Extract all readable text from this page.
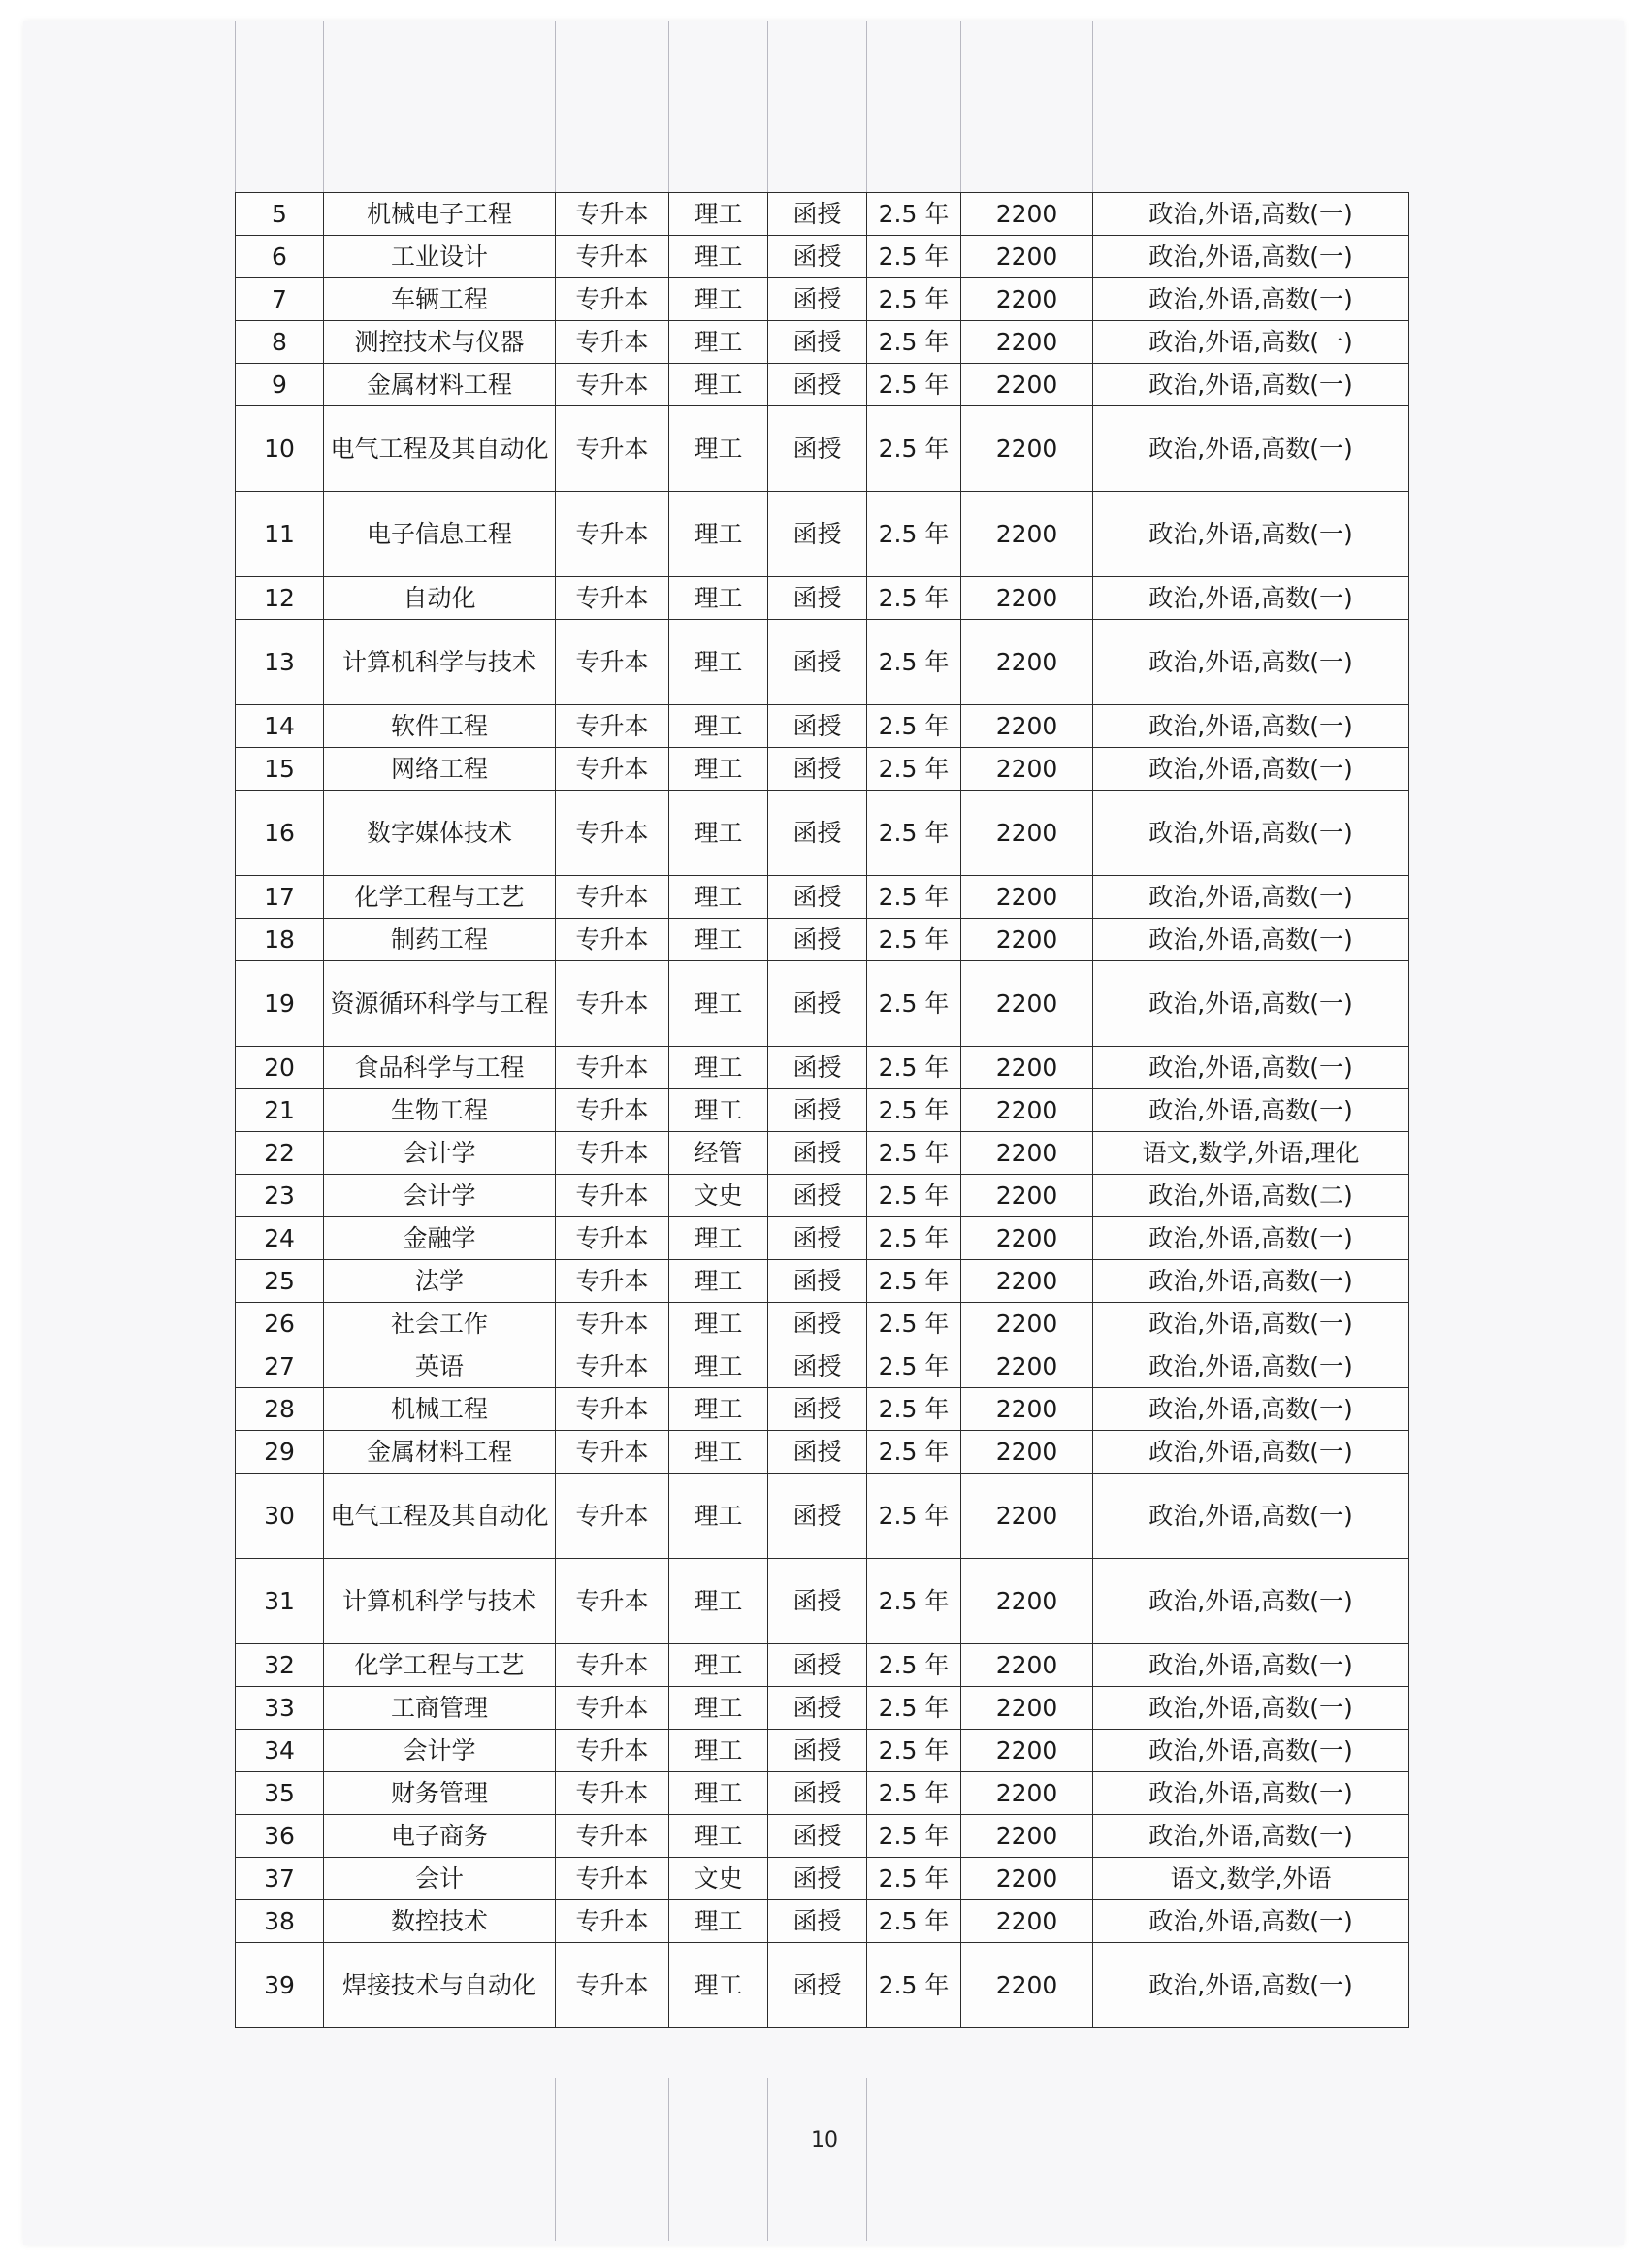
5	机械电子工程	专升本	理工	函授	2.5 年	2200	政治,外语,高数(一)
6	工业设计	专升本	理工	函授	2.5 年	2200	政治,外语,高数(一)
7	车辆工程	专升本	理工	函授	2.5 年	2200	政治,外语,高数(一)
8	测控技术与仪器	专升本	理工	函授	2.5 年	2200	政治,外语,高数(一)
9	金属材料工程	专升本	理工	函授	2.5 年	2200	政治,外语,高数(一)
10	电气工程及其自动化	专升本	理工	函授	2.5 年	2200	政治,外语,高数(一)
11	电子信息工程	专升本	理工	函授	2.5 年	2200	政治,外语,高数(一)
12	自动化	专升本	理工	函授	2.5 年	2200	政治,外语,高数(一)
13	计算机科学与技术	专升本	理工	函授	2.5 年	2200	政治,外语,高数(一)
14	软件工程	专升本	理工	函授	2.5 年	2200	政治,外语,高数(一)
15	网络工程	专升本	理工	函授	2.5 年	2200	政治,外语,高数(一)
16	数字媒体技术	专升本	理工	函授	2.5 年	2200	政治,外语,高数(一)
17	化学工程与工艺	专升本	理工	函授	2.5 年	2200	政治,外语,高数(一)
18	制药工程	专升本	理工	函授	2.5 年	2200	政治,外语,高数(一)
19	资源循环科学与工程	专升本	理工	函授	2.5 年	2200	政治,外语,高数(一)
20	食品科学与工程	专升本	理工	函授	2.5 年	2200	政治,外语,高数(一)
21	生物工程	专升本	理工	函授	2.5 年	2200	政治,外语,高数(一)
22	会计学	专升本	经管	函授	2.5 年	2200	语文,数学,外语,理化
23	会计学	专升本	文史	函授	2.5 年	2200	政治,外语,高数(二)
24	金融学	专升本	理工	函授	2.5 年	2200	政治,外语,高数(一)
25	法学	专升本	理工	函授	2.5 年	2200	政治,外语,高数(一)
26	社会工作	专升本	理工	函授	2.5 年	2200	政治,外语,高数(一)
27	英语	专升本	理工	函授	2.5 年	2200	政治,外语,高数(一)
28	机械工程	专升本	理工	函授	2.5 年	2200	政治,外语,高数(一)
29	金属材料工程	专升本	理工	函授	2.5 年	2200	政治,外语,高数(一)
30	电气工程及其自动化	专升本	理工	函授	2.5 年	2200	政治,外语,高数(一)
31	计算机科学与技术	专升本	理工	函授	2.5 年	2200	政治,外语,高数(一)
32	化学工程与工艺	专升本	理工	函授	2.5 年	2200	政治,外语,高数(一)
33	工商管理	专升本	理工	函授	2.5 年	2200	政治,外语,高数(一)
34	会计学	专升本	理工	函授	2.5 年	2200	政治,外语,高数(一)
35	财务管理	专升本	理工	函授	2.5 年	2200	政治,外语,高数(一)
36	电子商务	专升本	理工	函授	2.5 年	2200	政治,外语,高数(一)
37	会计	专升本	文史	函授	2.5 年	2200	语文,数学,外语
38	数控技术	专升本	理工	函授	2.5 年	2200	政治,外语,高数(一)
39	焊接技术与自动化	专升本	理工	函授	2.5 年	2200	政治,外语,高数(一)
10
